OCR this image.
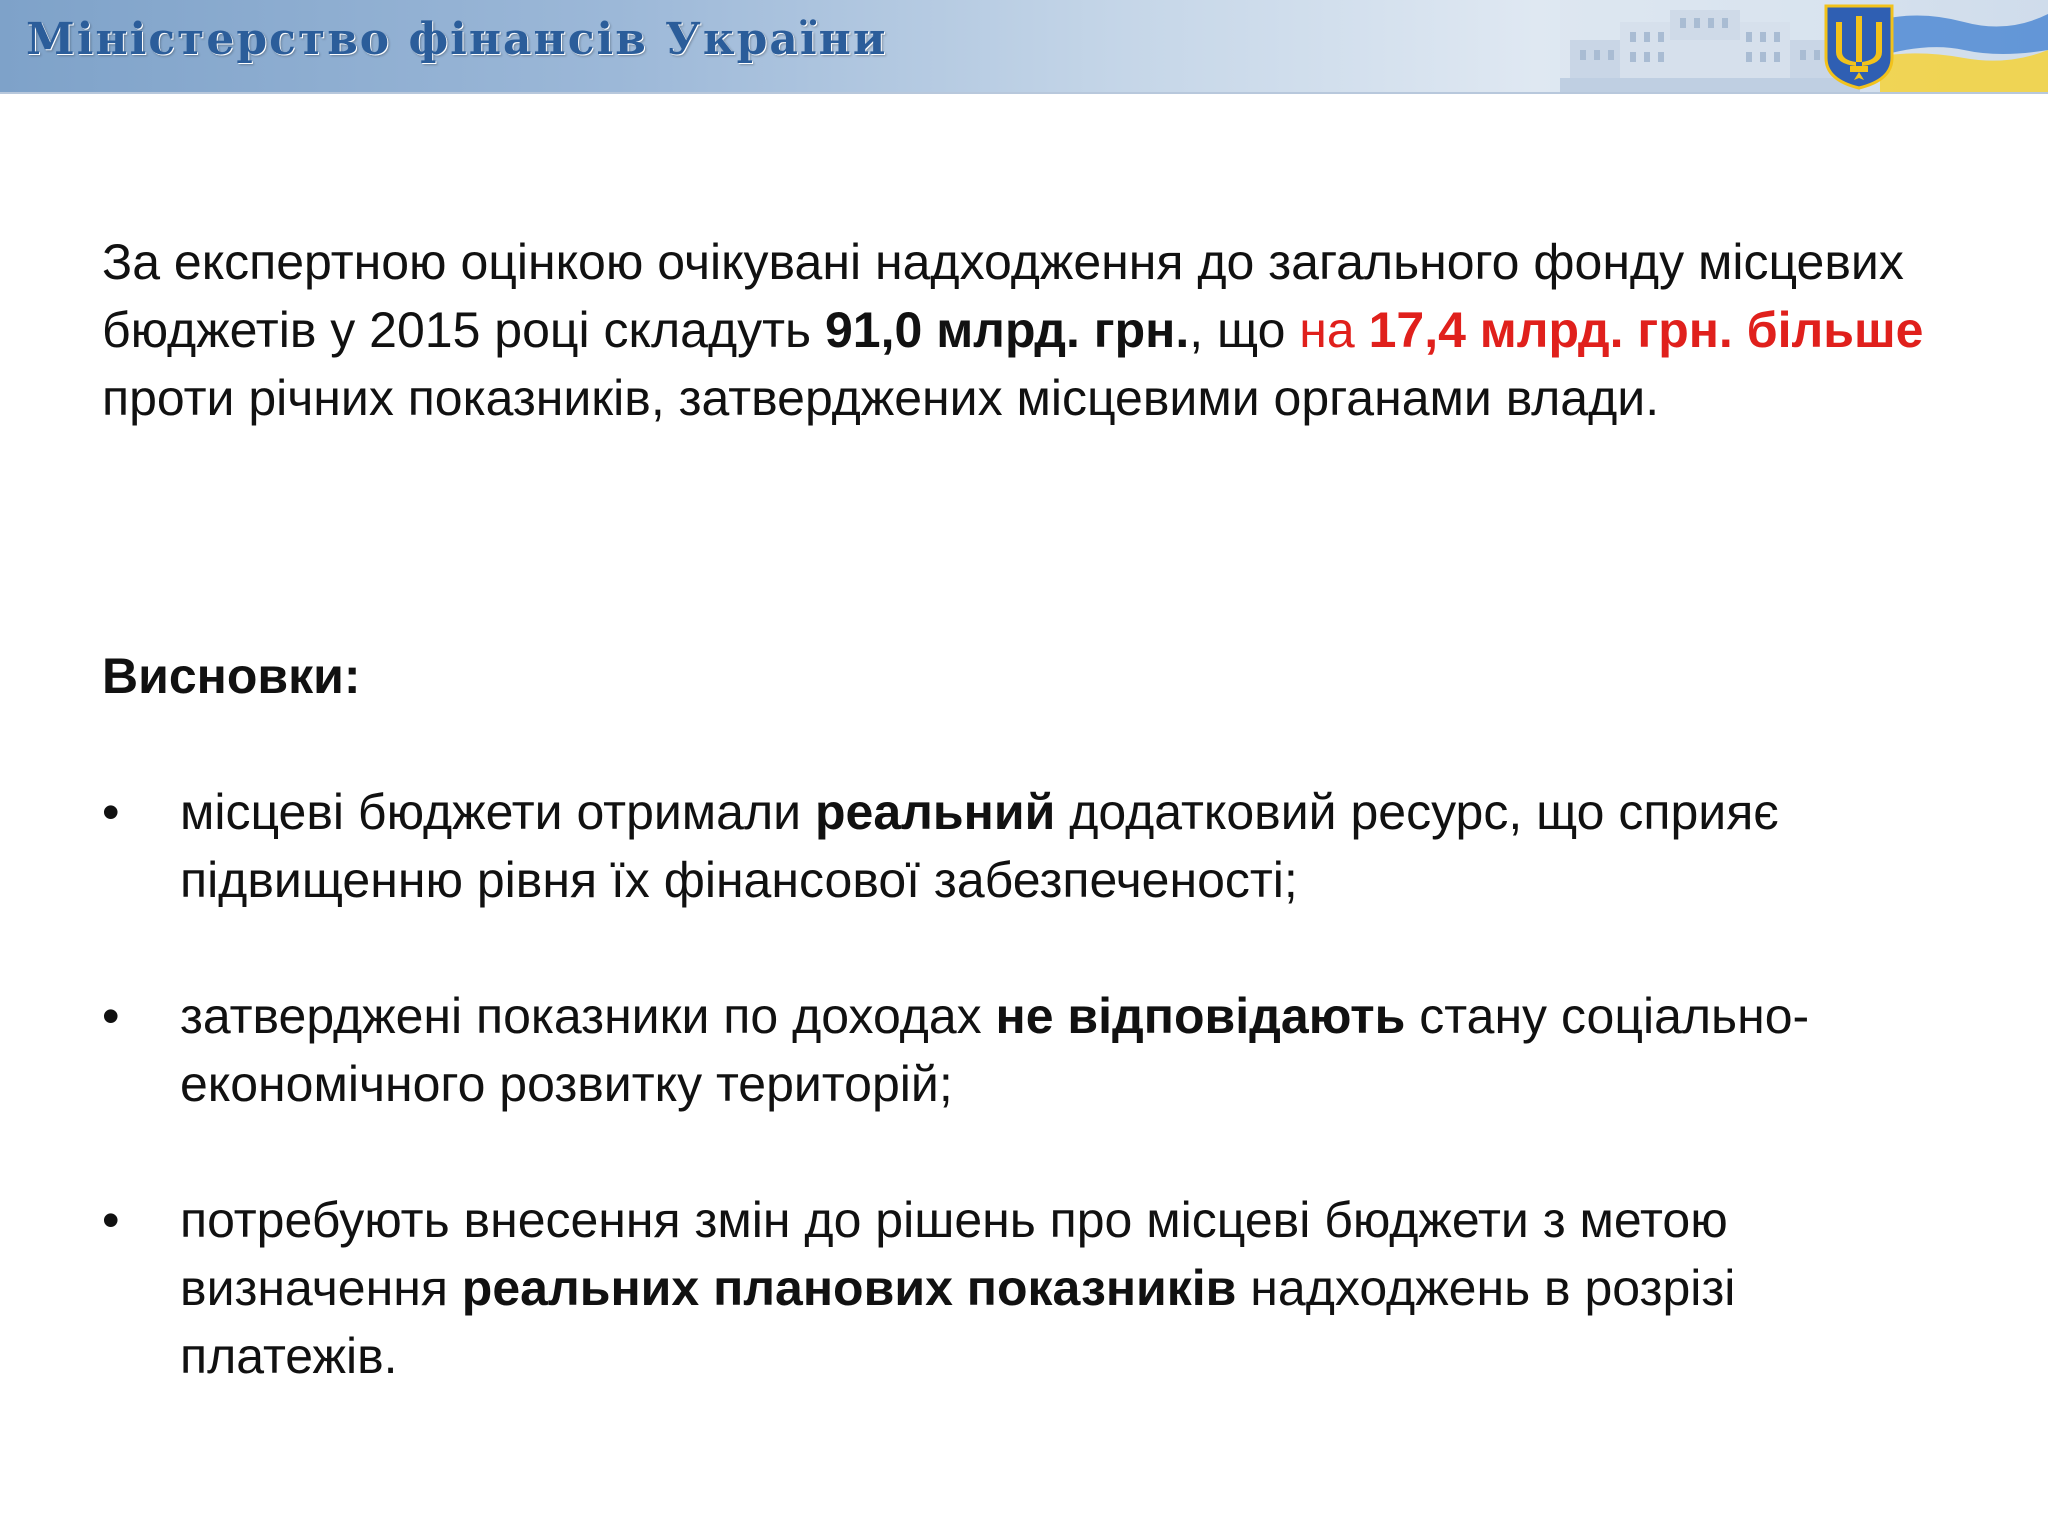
Міністерство фінансів України

За експертною оцінкою очікувані надходження до загального фонду місцевих бюджетів у 2015 році складуть 91,0 млрд. грн., що на 17,4 млрд. грн. більше проти річних показників, затверджених місцевими органами влади.

Висновки:

• місцеві бюджети отримали реальний додатковий ресурс, що сприяє підвищенню рівня їх фінансової забезпеченості;
• затверджені показники по доходах не відповідають стану соціально-економічного розвитку територій;
• потребують внесення змін до рішень про місцеві бюджети з метою визначення реальних планових показників надходжень в розрізі платежів.
